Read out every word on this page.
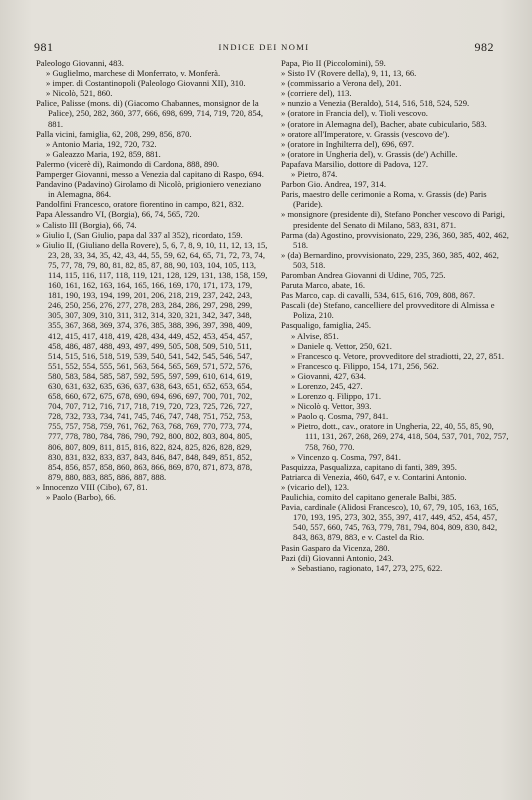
981	INDICE DEI NOMI	982

Paleologo Giovanni, 483.

» Guglielmo, marchese di Monferrato, v. Monferà.

» imper. di Costantinopoli (Paleologo Giovanni XII), 310.

» Nicolò, 521, 860.

Palice, Palisse (mons. di) (Giacomo Chabannes, monsignor de la Palice), 250, 282, 360, 377, 666, 698, 699, 714, 719, 720, 854, 881.

Palla vicini, famiglia, 62, 208, 299, 856, 870.

» Antonio Maria, 192, 720, 732.

» Galeazzo Maria, 192, 859, 881.

Palermo (vicerè di), Raimondo di Cardona, 888, 890.

Pamperger Giovanni, messo a Venezia dal capitano di Raspo, 694.

Pandavino (Padavino) Girolamo di Nicolò, prigioniero veneziano in Alemagna, 864.

Pandolfini Francesco, oratore fiorentino in campo, 821, 832.

Papa Alessandro VI, (Borgia), 66, 74, 565, 720.

» Calisto III (Borgia), 66, 74.

» Giulio I, (San Giulio, papa dal 337 al 352), ricordato, 159.

» Giulio II, (Giuliano della Rovere), 5, 6, 7, 8, 9, 10, 11, 12, 13, 15, 23, 28, 33, 34, 35, 42, 43, 44, 55, 59, 62, 64, 65, 71, 72, 73, 74, 75, 77, 78, 79, 80, 81, 82, 85, 87, 88, 90, 103, 104, 105, 113, 114, 115, 116, 117, 118, 119, 121, 128, 129, 131, 138, 158, 159, 160, 161, 162, 163, 164, 165, 166, 169, 170, 171, 173, 179, 181, 190, 193, 194, 199, 201, 206, 218, 219, 237, 242, 243, 246, 250, 256, 276, 277, 278, 283, 284, 286, 297, 298, 299, 305, 307, 309, 310, 311, 312, 314, 320, 321, 342, 347, 348, 355, 367, 368, 369, 374, 376, 385, 388, 396, 397, 398, 409, 412, 415, 417, 418, 419, 428, 434, 449, 452, 453, 454, 457, 458, 486, 487, 488, 493, 497, 499, 505, 508, 509, 510, 511, 514, 515, 516, 518, 519, 539, 540, 541, 542, 545, 546, 547, 551, 552, 554, 555, 561, 563, 564, 565, 569, 571, 572, 576, 580, 583, 584, 585, 587, 592, 595, 597, 599, 610, 614, 619, 630, 631, 632, 635, 636, 637, 638, 643, 651, 652, 653, 654, 658, 660, 672, 675, 678, 690, 694, 696, 697, 700, 701, 702, 704, 707, 712, 716, 717, 718, 719, 720, 723, 725, 726, 727, 728, 732, 733, 734, 741, 745, 746, 747, 748, 751, 752, 753, 755, 757, 758, 759, 761, 762, 763, 768, 769, 770, 773, 774, 777, 778, 780, 784, 786, 790, 792, 800, 802, 803, 804, 805, 806, 807, 809, 811, 815, 816, 822, 824, 825, 826, 828, 829, 830, 831, 832, 833, 837, 843, 846, 847, 848, 849, 851, 852, 854, 856, 857, 858, 860, 863, 866, 869, 870, 871, 873, 878, 879, 880, 883, 885, 886, 887, 888.

» Innocenzo VIII (Cibo), 67, 81.

» Paolo (Barbo), 66.

Papa, Pio II (Piccolomini), 59.

» Sisto IV (Rovere della), 9, 11, 13, 66.

» (commissario a Verona del), 201.

» (corriere del), 113.

» nunzio a Venezia (Beraldo), 514, 516, 518, 524, 529.

» (oratore in Francia del), v. Tioli vescovo.

» (oratore in Alemagna del), Bacher, abate cubiculario, 583.

» oratore all'Imperatore, v. Grassis (vescovo de').

» (oratore in Inghilterra del), 696, 697.

» (oratore in Ungheria del), v. Grassis (de') Achille.

Papafava Marsilio, dottore di Padova, 127.

» Pietro, 874.

Parbon Gio. Andrea, 197, 314.

Paris, maestro delle cerimonie a Roma, v. Grassis (de) Paris (Paride).

» monsignore (presidente di), Stefano Poncher vescovo di Parigi, presidente del Senato di Milano, 583, 831, 871.

Parma (da) Agostino, provvisionato, 229, 236, 360, 385, 402, 462, 518.

» (da) Bernardino, provvisionato, 229, 235, 360, 385, 402, 462, 503, 518.

Paromban Andrea Giovanni di Udine, 705, 725.

Paruta Marco, abate, 16.

Pas Marco, cap. di cavalli, 534, 615, 616, 709, 808, 867.

Pascali (de) Stefano, cancelliere del provveditore di Almissa e Poliza, 210.

Pasqualigo, famiglia, 245.

» Alvise, 851.

» Daniele q. Vettor, 250, 621.

» Francesco q. Vetore, provveditore del stradiotti, 22, 27, 851.

» Francesco q. Filippo, 154, 171, 256, 562.

» Giovanni, 427, 634.

» Lorenzo, 245, 427.

» Lorenzo q. Filippo, 171.

» Nicolò q. Vettor, 393.

» Paolo q. Cosma, 797, 841.

» Pietro, dott., cav., oratore in Ungheria, 22, 40, 55, 85, 90, 111, 131, 267, 268, 269, 274, 418, 504, 537, 701, 702, 757, 758, 760, 770.

» Vincenzo q. Cosma, 797, 841.

Pasquizza, Pasqualizza, capitano di fanti, 389, 395.

Patriarca di Venezia, 460, 647, e v. Contarini Antonio.

» (vicario del), 123.

Paulichia, comito del capitano generale Balbi, 385.

Pavia, cardinale (Alidosi Francesco), 10, 67, 79, 105, 163, 165, 170, 193, 195, 273, 302, 355, 397, 417, 449, 452, 454, 457, 540, 557, 660, 745, 763, 779, 781, 794, 804, 809, 830, 842, 843, 863, 879, 883, e v. Castel da Rio.

Pasin Gasparo da Vicenza, 280.

Pazi (di) Giovanni Antonio, 243.

» Sebastiano, ragionato, 147, 273, 275, 622.
